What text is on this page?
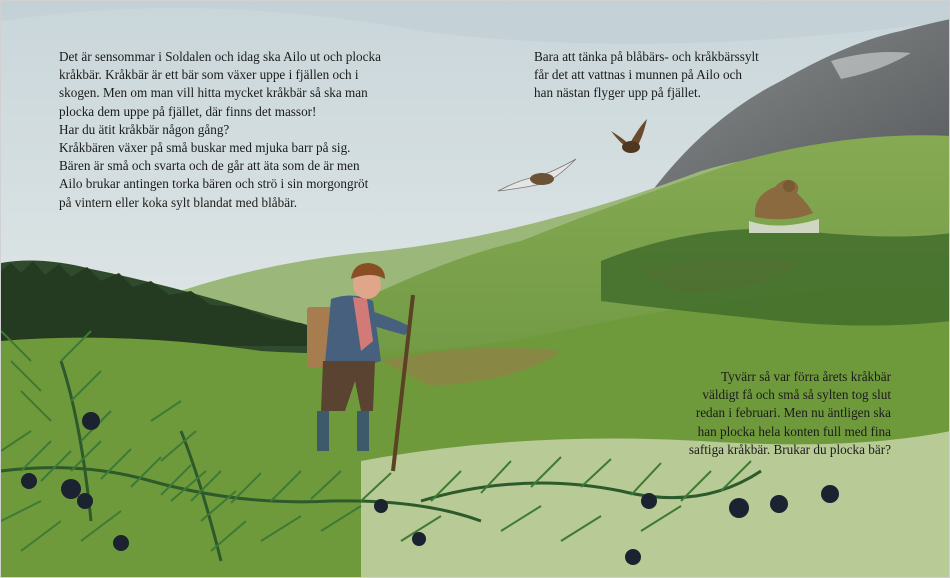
Det är sensommar i Soldalen och idag ska Ailo ut och plocka
kråkbär. Kråkbär är ett bär som växer uppe i fjällen och i
skogen. Men om man vill hitta mycket kråkbär så ska man
plocka dem uppe på fjället, där finns det massor!
Har du ätit kråkbär någon gång?
Kråkbären växer på små buskar med mjuka barr på sig.
Bären är små och svarta och de går att äta som de är men
Ailo brukar antingen torka bären och strö i sin morgongröt
på vintern eller koka sylt blandat med blåbär.
Bara att tänka på blåbärs- och kråkbärssylt
får det att vattnas i munnen på Ailo och
han nästan flyger upp på fjället.
Tyvärr så var förra årets kråkbär
väldigt få och små så sylten tog slut
redan i februari. Men nu äntligen ska
han plocka hela konten full med fina
saftiga kråkbär. Brukar du plocka bär?
